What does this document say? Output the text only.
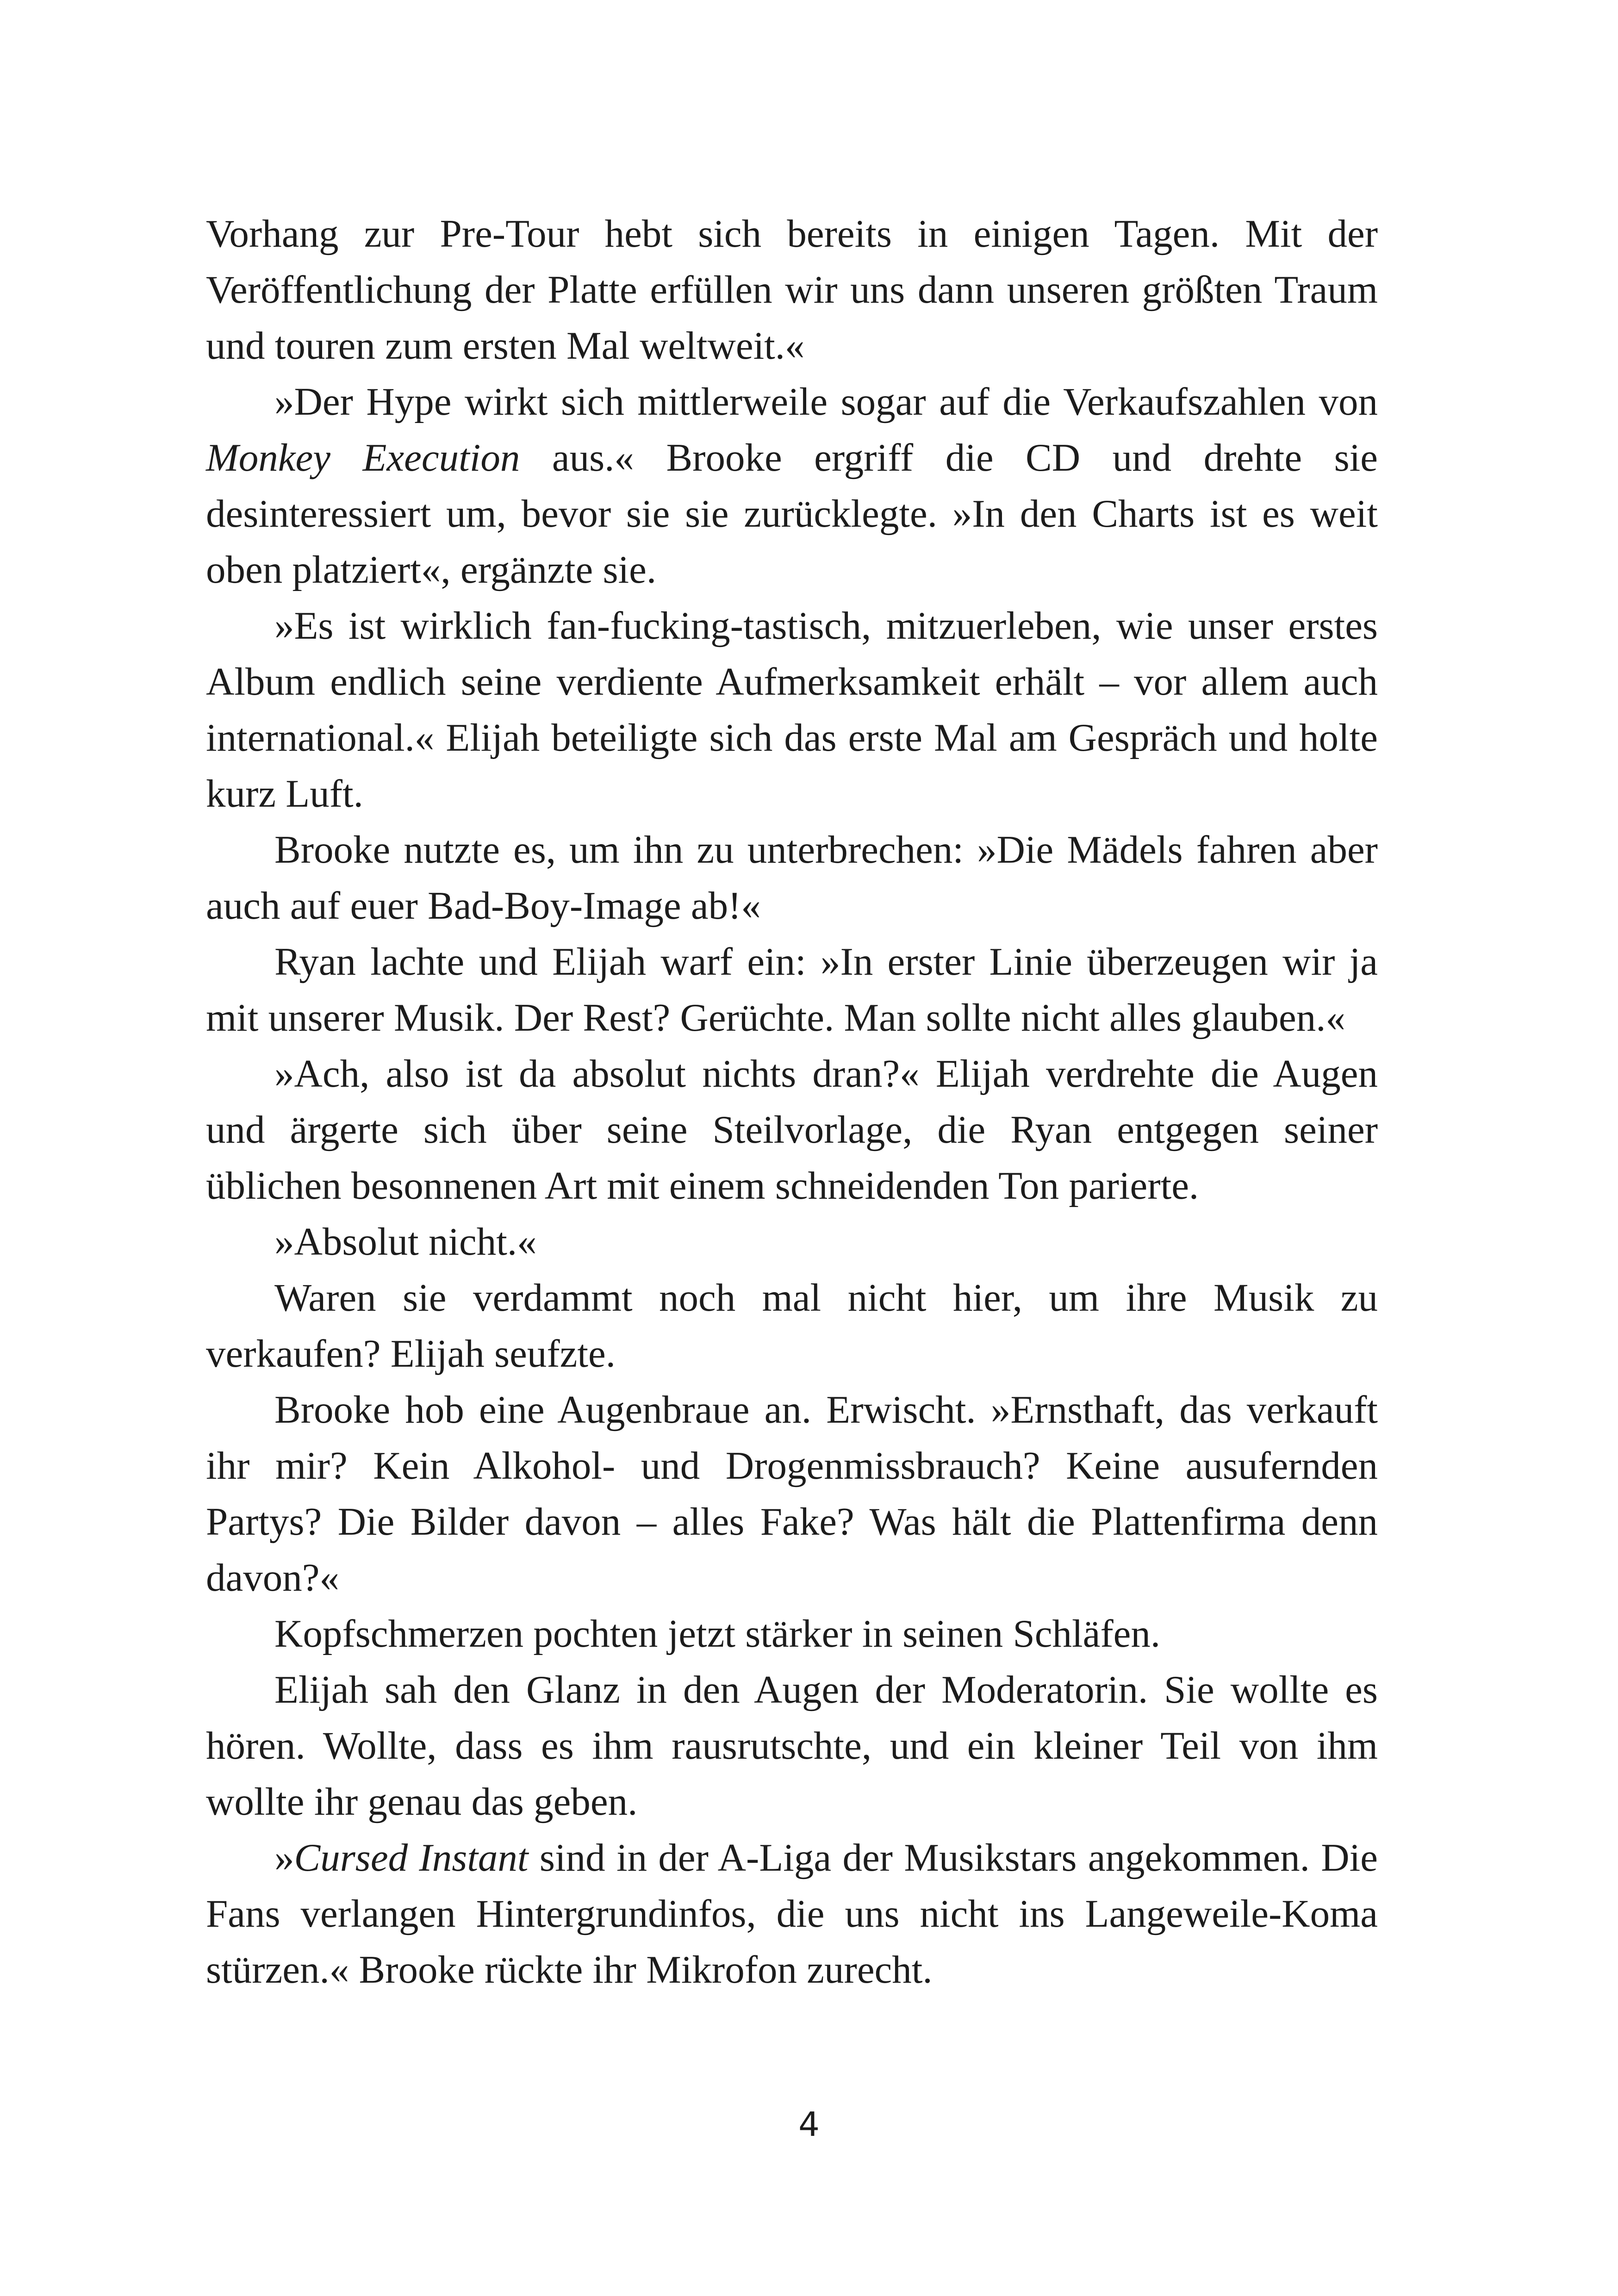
Vorhang zur Pre-Tour hebt sich bereits in einigen Tagen. Mit der Veröffentlichung der Platte erfüllen wir uns dann unseren größten Traum und touren zum ersten Mal weltweit.«

»Der Hype wirkt sich mittlerweile sogar auf die Verkaufszahlen von Monkey Execution aus.« Brooke ergriff die CD und drehte sie desinteressiert um, bevor sie sie zurücklegte. »In den Charts ist es weit oben platziert«, ergänzte sie.

»Es ist wirklich fan-fucking-tastisch, mitzuerleben, wie unser erstes Album endlich seine verdiente Aufmerksamkeit erhält – vor allem auch international.« Elijah beteiligte sich das erste Mal am Gespräch und holte kurz Luft.

Brooke nutzte es, um ihn zu unterbrechen: »Die Mädels fahren aber auch auf euer Bad-Boy-Image ab!«

Ryan lachte und Elijah warf ein: »In erster Linie überzeugen wir ja mit unserer Musik. Der Rest? Gerüchte. Man sollte nicht alles glauben.«

»Ach, also ist da absolut nichts dran?« Elijah verdrehte die Augen und ärgerte sich über seine Steilvorlage, die Ryan entgegen seiner üblichen besonnenen Art mit einem schneidenden Ton parierte.

»Absolut nicht.«

Waren sie verdammt noch mal nicht hier, um ihre Musik zu verkaufen? Elijah seufzte.

Brooke hob eine Augenbraue an. Erwischt. »Ernsthaft, das verkauft ihr mir? Kein Alkohol- und Drogenmissbrauch? Keine ausufernden Partys? Die Bilder davon – alles Fake? Was hält die Plattenfirma denn davon?«

Kopfschmerzen pochten jetzt stärker in seinen Schläfen.

Elijah sah den Glanz in den Augen der Moderatorin. Sie wollte es hören. Wollte, dass es ihm rausrutschte, und ein kleiner Teil von ihm wollte ihr genau das geben.

»Cursed Instant sind in der A-Liga der Musikstars angekommen. Die Fans verlangen Hintergrundinfos, die uns nicht ins Langeweile-Koma stürzen.« Brooke rückte ihr Mikrofon zurecht.

4
